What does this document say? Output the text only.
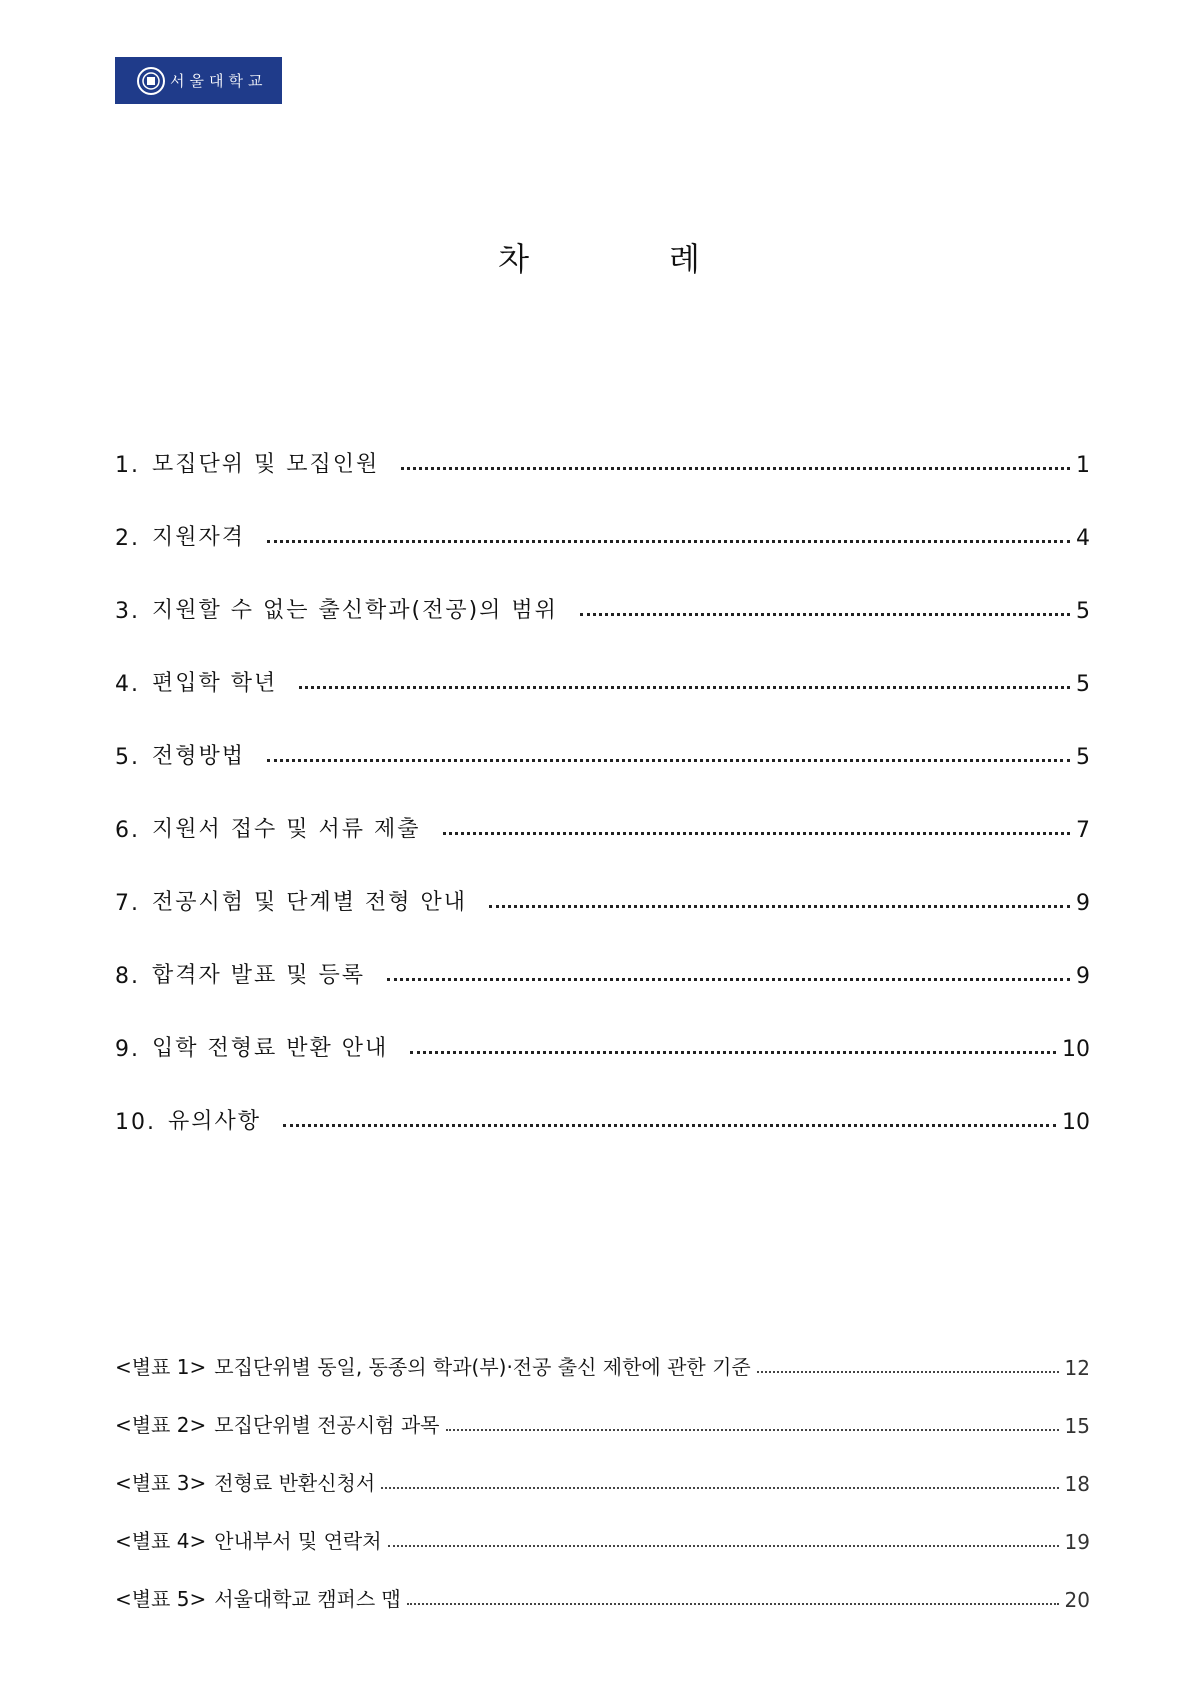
서울대학교
차	례
1. 모집단위 및 모집인원	1
2. 지원자격	4
3. 지원할 수 없는 출신학과(전공)의 범위	5
4. 편입학 학년	5
5. 전형방법	5
6. 지원서 접수 및 서류 제출	7
7. 전공시험 및 단계별 전형 안내	9
8. 합격자 발표 및 등록	9
9. 입학 전형료 반환 안내	10
10. 유의사항	10
<별표 1> 모집단위별 동일, 동종의 학과(부)·전공 출신 제한에 관한 기준	12
<별표 2> 모집단위별 전공시험 과목	15
<별표 3> 전형료 반환신청서	18
<별표 4> 안내부서 및 연락처	19
<별표 5> 서울대학교 캠퍼스 맵	20
